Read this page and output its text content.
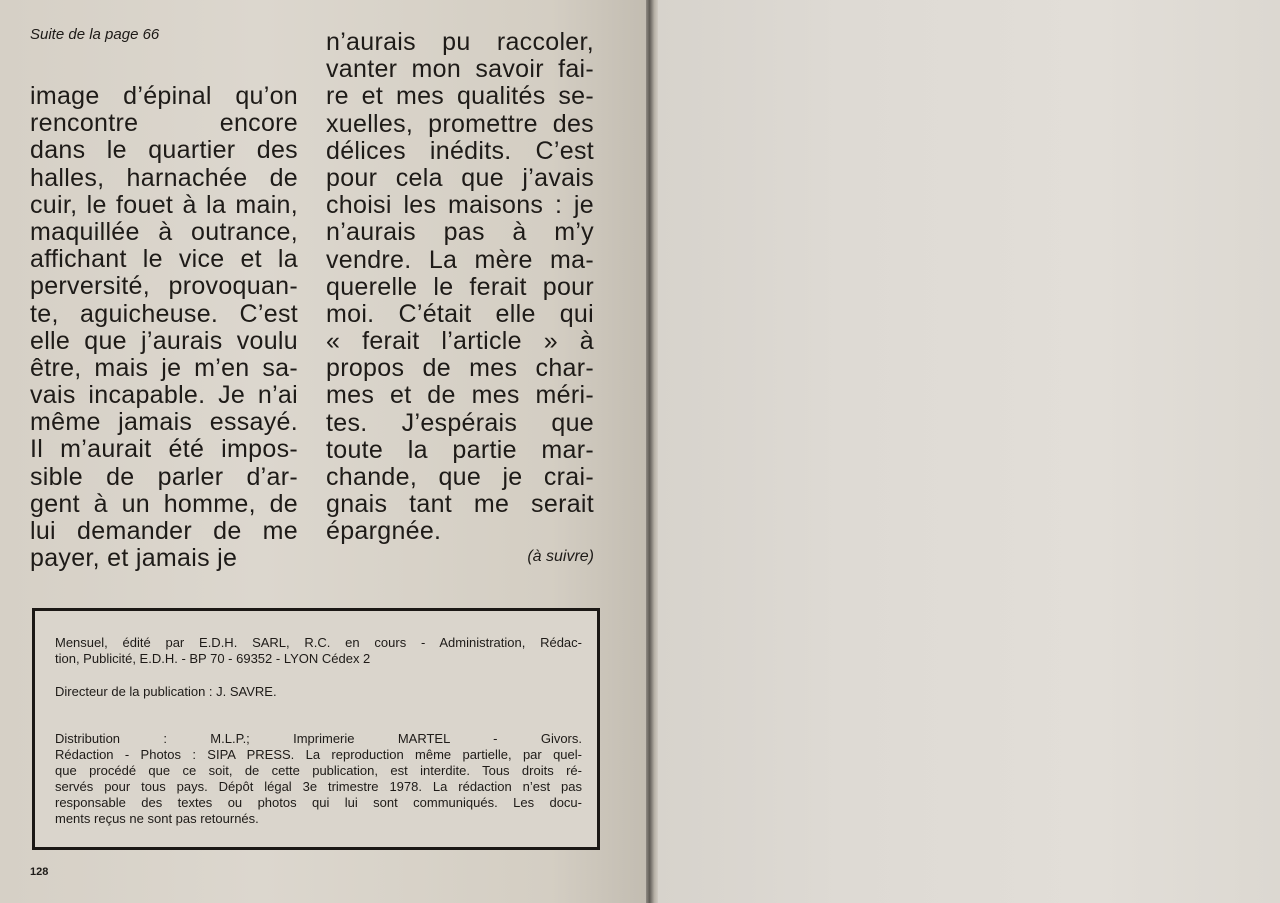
Suite de la page 66
image d’épinal qu’on
rencontre encore
dans le quartier des
halles, harnachée de
cuir, le fouet à la main,
maquillée à outrance,
affichant le vice et la
perversité, provoquan-
te, aguicheuse. C’est
elle que j’aurais voulu
être, mais je m’en sa-
vais incapable. Je n’ai
même jamais essayé.
Il m’aurait été impos-
sible de parler d’ar-
gent à un homme, de
lui demander de me
payer, et jamais je
n’aurais pu raccoler,
vanter mon savoir fai-
re et mes qualités se-
xuelles, promettre des
délices inédits. C’est
pour cela que j’avais
choisi les maisons : je
n’aurais pas à m’y
vendre. La mère ma-
querelle le ferait pour
moi. C’était elle qui
« ferait l’article » à
propos de mes char-
mes et de mes méri-
tes. J’espérais que
toute la partie mar-
chande, que je crai-
gnais tant me serait
épargnée.
(à suivre)
Mensuel, édité par E.D.H. SARL, R.C. en cours - Administration, Rédac-
tion, Publicité, E.D.H. - BP 70 - 69352 - LYON Cédex 2
Directeur de la publication : J. SAVRE.
Distribution : M.L.P.; Imprimerie MARTEL - Givors.
Rédaction - Photos : SIPA PRESS. La reproduction même partielle, par quel-
que procédé que ce soit, de cette publication, est interdite. Tous droits ré-
servés pour tous pays. Dépôt légal 3e trimestre 1978. La rédaction n’est pas
responsable des textes ou photos qui lui sont communiqués. Les docu-
ments reçus ne sont pas retournés.
128
